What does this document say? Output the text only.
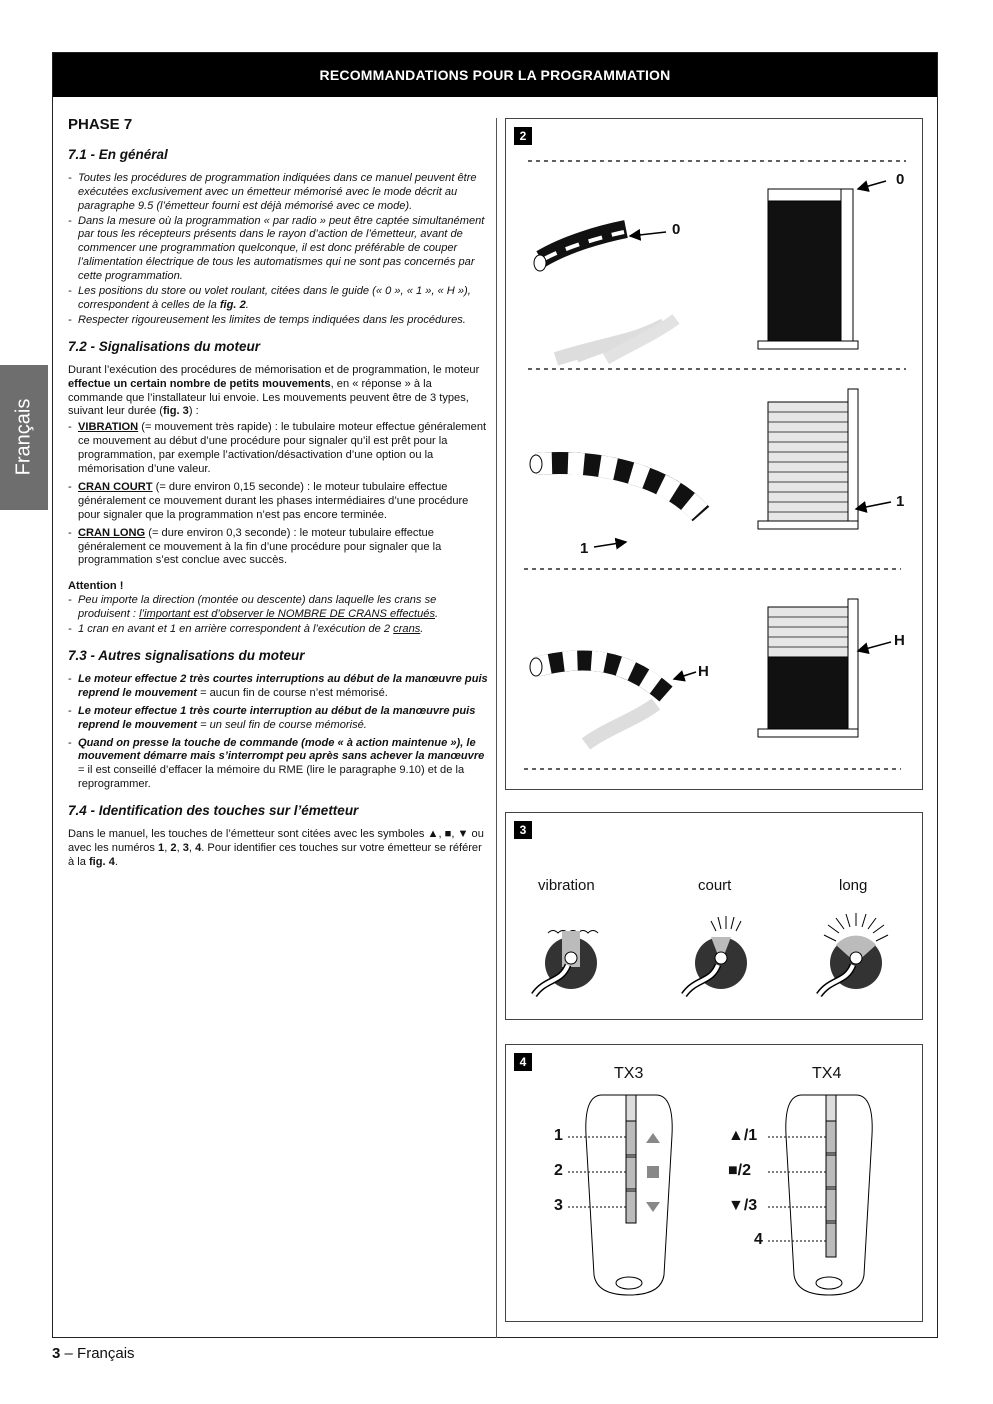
RECOMMANDATIONS POUR LA PROGRAMMATION
Français
PHASE 7
7.1 - En général
- Toutes les procédures de programmation indiquées dans ce manuel peuvent être exécutées exclusivement avec un émetteur mémorisé avec le mode décrit au paragraphe 9.5 (l’émetteur fourni est déjà mémorisé avec ce mode).
- Dans la mesure où la programmation « par radio » peut être captée simultanément par tous les récepteurs présents dans le rayon d’action de l’émetteur, avant de commencer une programmation quelconque, il est donc préférable de couper l’alimentation électrique de tous les automatismes qui ne sont pas concernés par cette programmation.
- Les positions du store ou volet roulant, citées dans le guide (« 0 », « 1 », « H »), correspondent à celles de la fig. 2.
- Respecter rigoureusement les limites de temps indiquées dans les procédures.
7.2 - Signalisations du moteur

Durant l’exécution des procédures de mémorisation et de programmation, le moteur effectue un certain nombre de petits mouvements, en « réponse » à la commande que l’installateur lui envoie. Les mouvements peuvent être de 3 types, suivant leur durée (fig. 3) :

- VIBRATION (= mouvement très rapide) : le tubulaire moteur effectue généralement ce mouvement au début d’une procédure pour signaler qu’il est prêt pour la programmation, par exemple l’activation/désactivation d’une option ou la mémorisation d’une valeur.
- CRAN COURT (= dure environ 0,15 seconde) : le moteur tubulaire effectue généralement ce mouvement durant les phases intermédiaires d’une procédure pour signaler que la programmation n’est pas encore terminée.
- CRAN LONG (= dure environ 0,3 seconde) : le moteur tubulaire effectue généralement ce mouvement à la fin d’une procédure pour signaler que la programmation s’est conclue avec succès.
Attention !
- Peu importe la direction (montée ou descente) dans laquelle les crans se produisent : l’important est d’observer le NOMBRE DE CRANS effectués.
- 1 cran en avant et 1 en arrière correspondent à l’exécution de 2 crans.
7.3 - Autres signalisations du moteur
- Le moteur effectue 2 très courtes interruptions au début de la manœuvre puis reprend le mouvement = aucun fin de course n’est mémorisé.
- Le moteur effectue 1 très courte interruption au début de la manœuvre puis reprend le mouvement = un seul fin de course mémorisé.
- Quand on presse la touche de commande (mode « à action maintenue »), le mouvement démarre mais s’interrompt peu après sans achever la manœuvre = il est conseillé d’effacer la mémoire du RME (lire le paragraphe 9.10) et de la reprogrammer.
7.4 - Identification des touches sur l’émetteur

Dans le manuel, les touches de l’émetteur sont citées avec les symboles ▲, ■, ▼ ou avec les numéros 1, 2, 3, 4. Pour identifier ces touches sur votre émetteur se référer à la fig. 4.

2
0
0
1
1
H
H
3
vibration	court	long
4
TX3	TX4
1
2
3
▲/1
■/2
▼/3
4
3 – Français
